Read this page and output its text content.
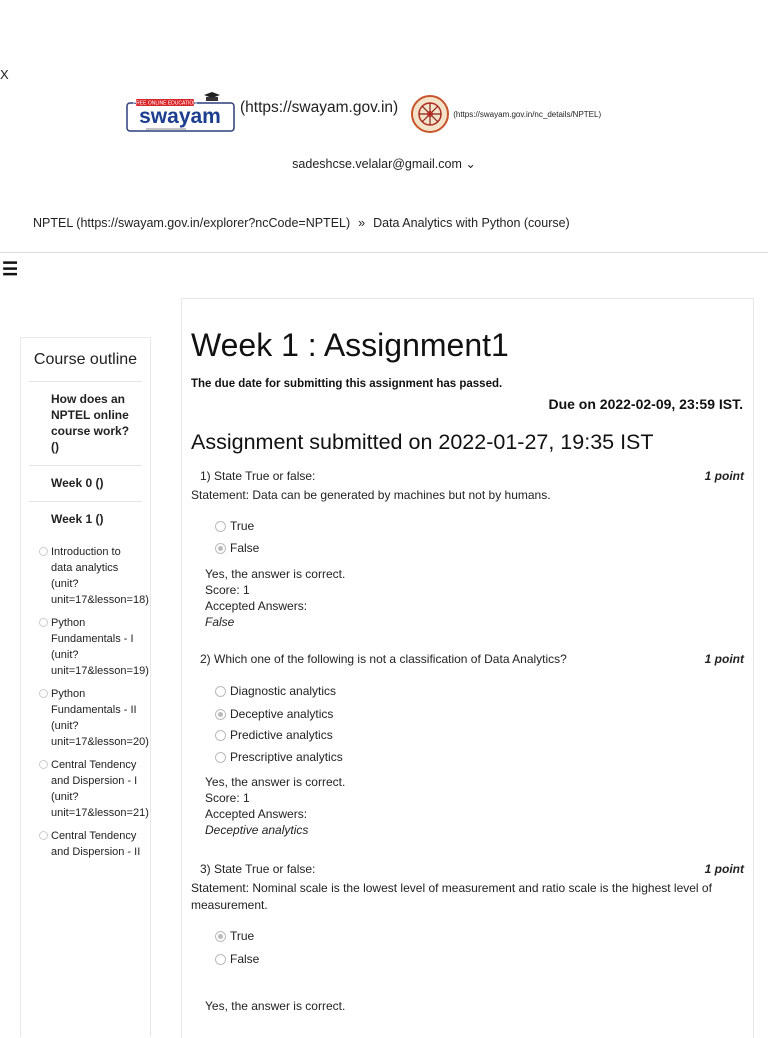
X
FREE ONLINE EDUCATION
swayam (https://swayam.gov.in)	(https://swayam.gov.in/nc_details/NPTEL)
sadeshcse.velalar@gmail.com ⌄
NPTEL (https://swayam.gov.in/explorer?ncCode=NPTEL) » Data Analytics with Python (course)
☰
Course outline
How does an NPTEL online course work? ()
Week 0 ()
Week 1 ()
Introduction to data analytics (unit?unit=17&lesson=18)
Python Fundamentals - I (unit?unit=17&lesson=19)
Python Fundamentals - II (unit?unit=17&lesson=20)
Central Tendency and Dispersion - I (unit?unit=17&lesson=21)
Central Tendency and Dispersion - II
Week 1 : Assignment1
The due date for submitting this assignment has passed.
Due on 2022-02-09, 23:59 IST.
Assignment submitted on 2022-01-27, 19:35 IST
1) State True or false:	1 point
Statement: Data can be generated by machines but not by humans.
True
False
Yes, the answer is correct.
Score: 1
Accepted Answers:
False
2) Which one of the following is not a classification of Data Analytics?	1 point
Diagnostic analytics
Deceptive analytics
Predictive analytics
Prescriptive analytics
Yes, the answer is correct.
Score: 1
Accepted Answers:
Deceptive analytics
3) State True or false:	1 point
Statement: Nominal scale is the lowest level of measurement and ratio scale is the highest level of measurement.
True
False
Yes, the answer is correct.
